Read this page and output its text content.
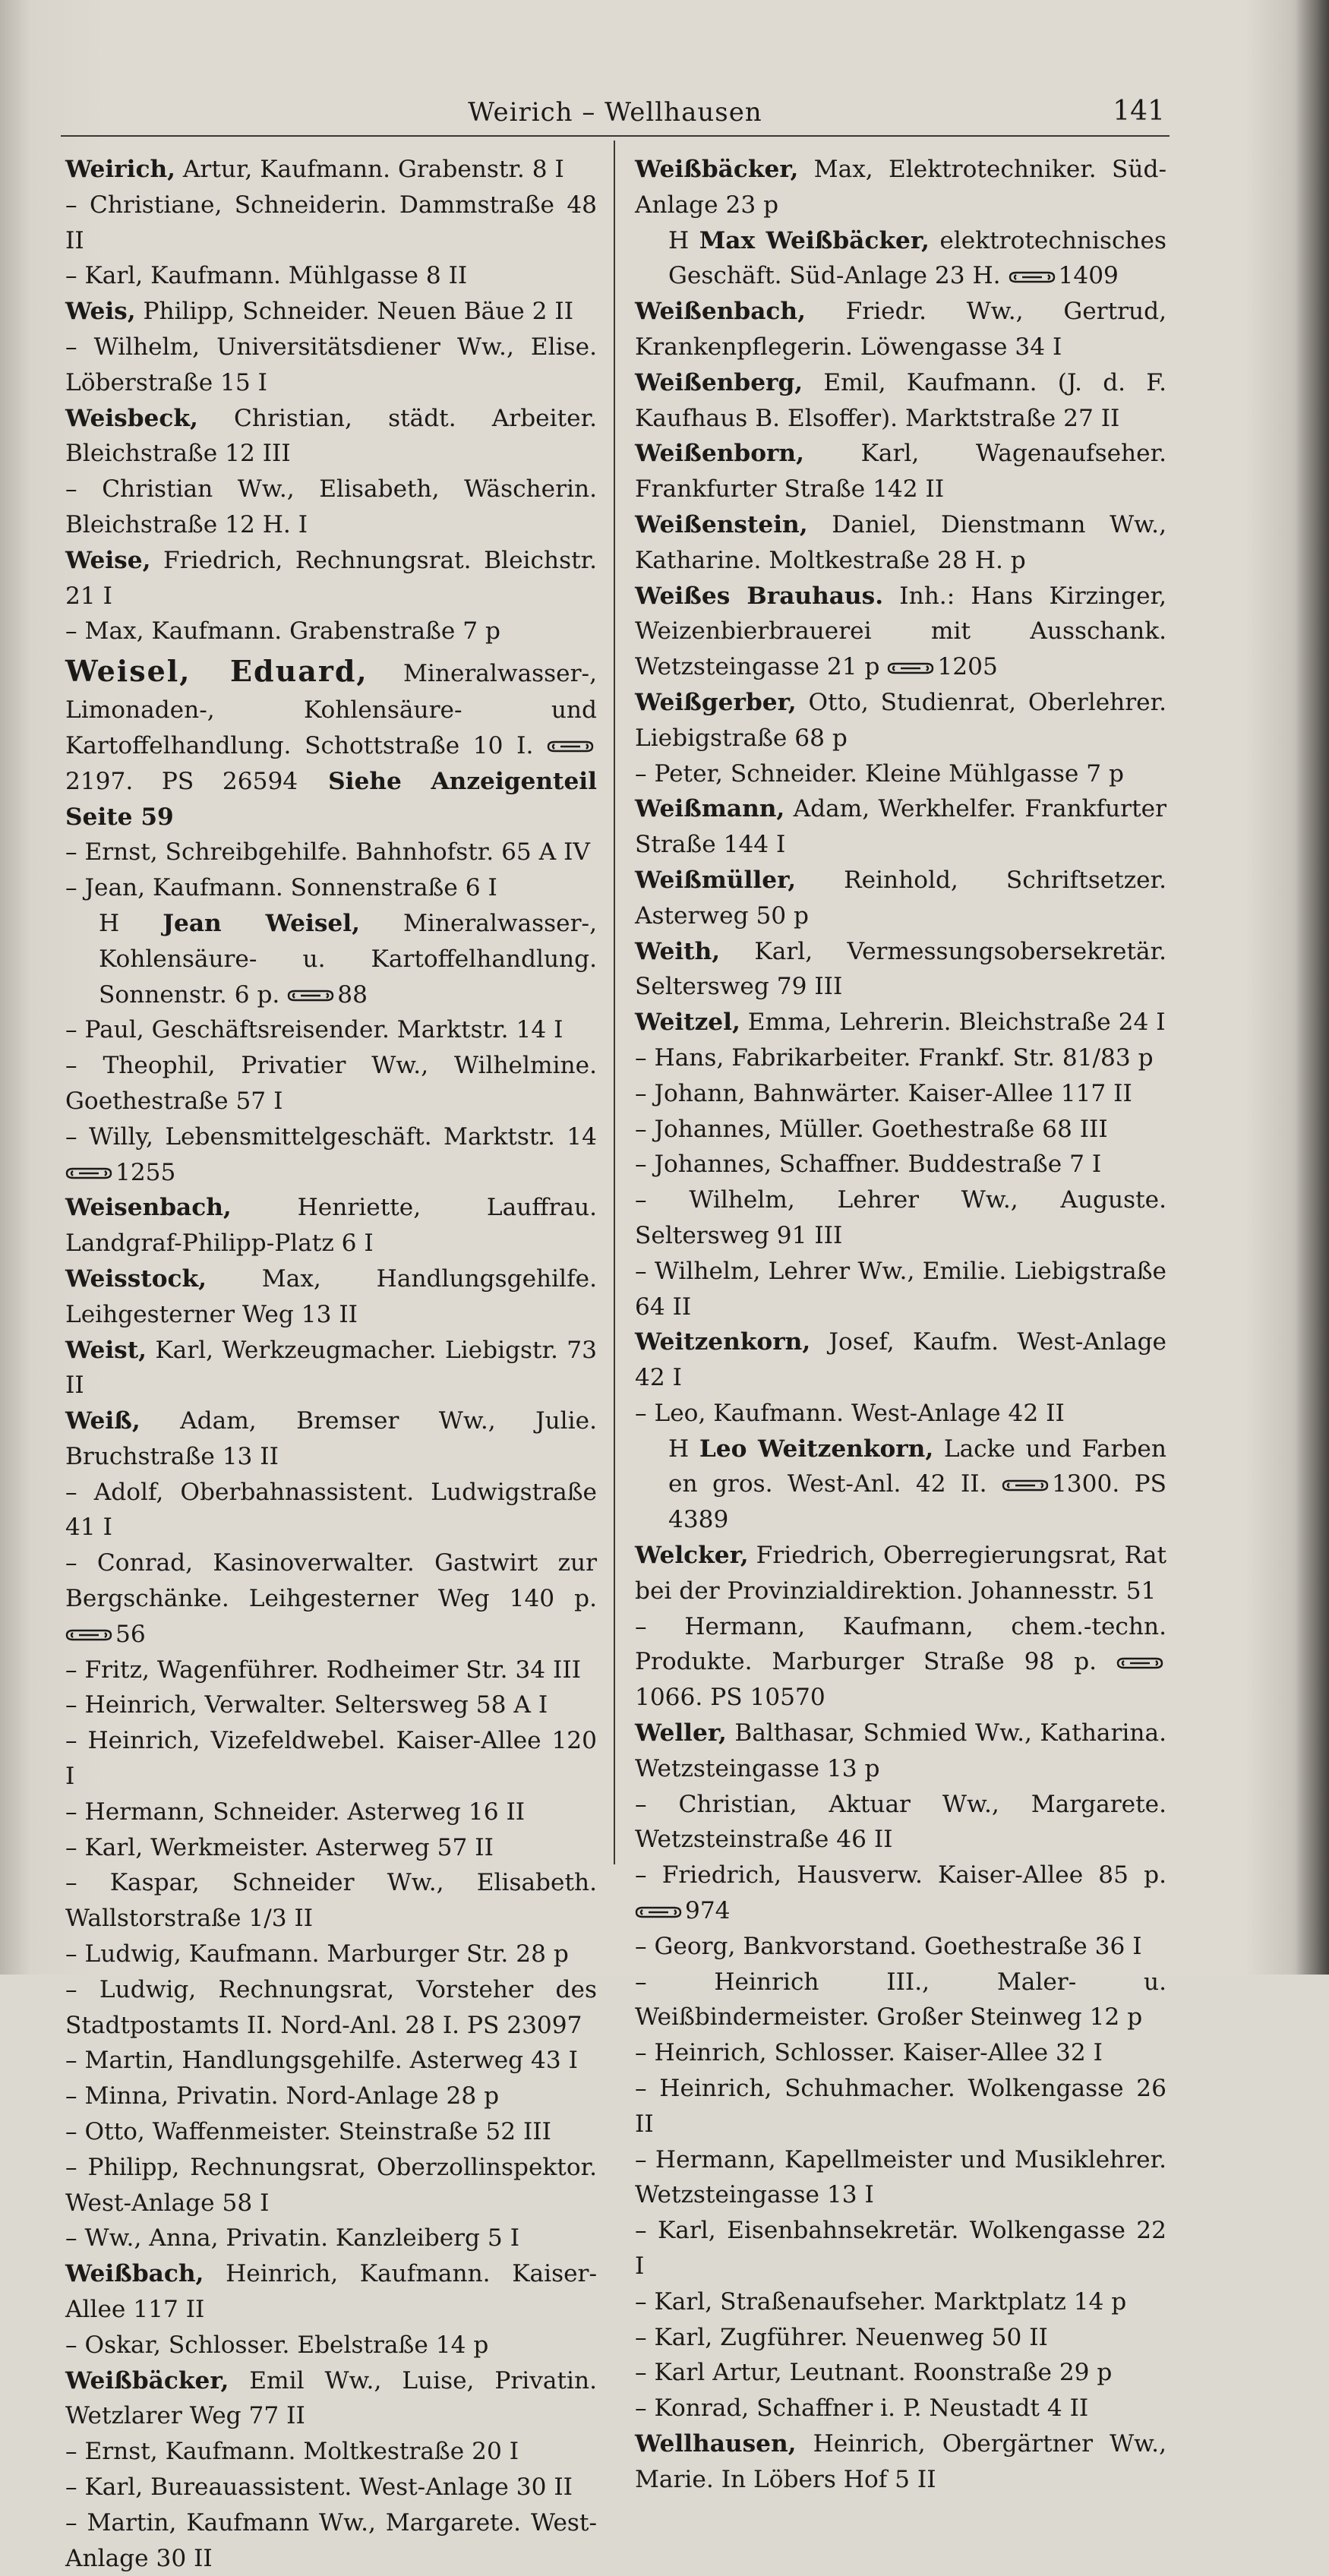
Weirich – Wellhausen	141

Weirich, Artur, Kaufmann. Grabenstr. 8 I

– Christiane, Schneiderin. Dammstraße 48 II

– Karl, Kaufmann. Mühlgasse 8 II

Weis, Philipp, Schneider. Neuen Bäue 2 II

– Wilhelm, Universitätsdiener Ww., Elise. Löberstraße 15 I

Weisbeck, Christian, städt. Arbeiter. Bleichstraße 12 III

– Christian Ww., Elisabeth, Wäscherin. Bleichstraße 12 H. I

Weise, Friedrich, Rechnungsrat. Bleichstr. 21 I

– Max, Kaufmann. Grabenstraße 7 p

Weisel, Eduard, Mineralwasser-, Limonaden-, Kohlensäure- und Kartoffelhandlung. Schottstraße 10 I. 2197. PS 26594 Siehe Anzeigenteil Seite 59

– Ernst, Schreibgehilfe. Bahnhofstr. 65 A IV

– Jean, Kaufmann. Sonnenstraße 6 I
H Jean Weisel, Mineralwasser-, Kohlensäure- u. Kartoffelhandlung. Sonnenstr. 6 p. 88

– Paul, Geschäftsreisender. Marktstr. 14 I

– Theophil, Privatier Ww., Wilhelmine. Goethestraße 57 I

– Willy, Lebensmittelgeschäft. Marktstr. 14 1255

Weisenbach, Henriette, Lauffrau. Landgraf-Philipp-Platz 6 I

Weisstock, Max, Handlungsgehilfe. Leihgesterner Weg 13 II

Weist, Karl, Werkzeugmacher. Liebigstr. 73 II

Weiß, Adam, Bremser Ww., Julie. Bruchstraße 13 II

– Adolf, Oberbahnassistent. Ludwigstraße 41 I

– Conrad, Kasinoverwalter. Gastwirt zur Bergschänke. Leihgesterner Weg 140 p. 56

– Fritz, Wagenführer. Rodheimer Str. 34 III

– Heinrich, Verwalter. Seltersweg 58 A I

– Heinrich, Vizefeldwebel. Kaiser-Allee 120 I

– Hermann, Schneider. Asterweg 16 II

– Karl, Werkmeister. Asterweg 57 II

– Kaspar, Schneider Ww., Elisabeth. Wallstorstraße 1/3 II

– Ludwig, Kaufmann. Marburger Str. 28 p

– Ludwig, Rechnungsrat, Vorsteher des Stadtpostamts II. Nord-Anl. 28 I. PS 23097

– Martin, Handlungsgehilfe. Asterweg 43 I

– Minna, Privatin. Nord-Anlage 28 p

– Otto, Waffenmeister. Steinstraße 52 III

– Philipp, Rechnungsrat, Oberzollinspektor. West-Anlage 58 I

– Ww., Anna, Privatin. Kanzleiberg 5 I

Weißbach, Heinrich, Kaufmann. Kaiser-Allee 117 II

– Oskar, Schlosser. Ebelstraße 14 p

Weißbäcker, Emil Ww., Luise, Privatin. Wetzlarer Weg 77 II

– Ernst, Kaufmann. Moltkestraße 20 I

– Karl, Bureauassistent. West-Anlage 30 II

– Martin, Kaufmann Ww., Margarete. West-Anlage 30 II

Weißbäcker, Max, Elektrotechniker. Süd-Anlage 23 p
H Max Weißbäcker, elektrotechnisches Geschäft. Süd-Anlage 23 H. 1409

Weißenbach, Friedr. Ww., Gertrud, Krankenpflegerin. Löwengasse 34 I

Weißenberg, Emil, Kaufmann. (J. d. F. Kaufhaus B. Elsoffer). Marktstraße 27 II

Weißenborn, Karl, Wagenaufseher. Frankfurter Straße 142 II

Weißenstein, Daniel, Dienstmann Ww., Katharine. Moltkestraße 28 H. p

Weißes Brauhaus. Inh.: Hans Kirzinger, Weizenbierbrauerei mit Ausschank. Wetzsteingasse 21 p 1205

Weißgerber, Otto, Studienrat, Oberlehrer. Liebigstraße 68 p

– Peter, Schneider. Kleine Mühlgasse 7 p

Weißmann, Adam, Werkhelfer. Frankfurter Straße 144 I

Weißmüller, Reinhold, Schriftsetzer. Asterweg 50 p

Weith, Karl, Vermessungsobersekretär. Seltersweg 79 III

Weitzel, Emma, Lehrerin. Bleichstraße 24 I

– Hans, Fabrikarbeiter. Frankf. Str. 81/83 p

– Johann, Bahnwärter. Kaiser-Allee 117 II

– Johannes, Müller. Goethestraße 68 III

– Johannes, Schaffner. Buddestraße 7 I

– Wilhelm, Lehrer Ww., Auguste. Seltersweg 91 III

– Wilhelm, Lehrer Ww., Emilie. Liebigstraße 64 II

Weitzenkorn, Josef, Kaufm. West-Anlage 42 I

– Leo, Kaufmann. West-Anlage 42 II
H Leo Weitzenkorn, Lacke und Farben en gros. West-Anl. 42 II.	1300. PS 4389

Welcker, Friedrich, Oberregierungsrat, Rat bei der Provinzialdirektion. Johannesstr. 51

– Hermann, Kaufmann, chem.-techn. Produkte. Marburger Straße 98 p. 1066. PS 10570

Weller, Balthasar, Schmied Ww., Katharina. Wetzsteingasse 13 p

– Christian, Aktuar Ww., Margarete. Wetzsteinstraße 46 II

– Friedrich, Hausverw. Kaiser-Allee 85 p. 974

– Georg, Bankvorstand. Goethestraße 36 I

– Heinrich III., Maler- u. Weißbindermeister. Großer Steinweg 12 p

– Heinrich, Schlosser. Kaiser-Allee 32 I

– Heinrich, Schuhmacher. Wolkengasse 26 II

– Hermann, Kapellmeister und Musiklehrer. Wetzsteingasse 13 I

– Karl, Eisenbahnsekretär. Wolkengasse 22 I

– Karl, Straßenaufseher. Marktplatz 14 p

– Karl, Zugführer. Neuenweg 50 II

– Karl Artur, Leutnant. Roonstraße 29 p

– Konrad, Schaffner i. P. Neustadt 4 II

Wellhausen, Heinrich, Obergärtner Ww., Marie. In Löbers Hof 5 II
